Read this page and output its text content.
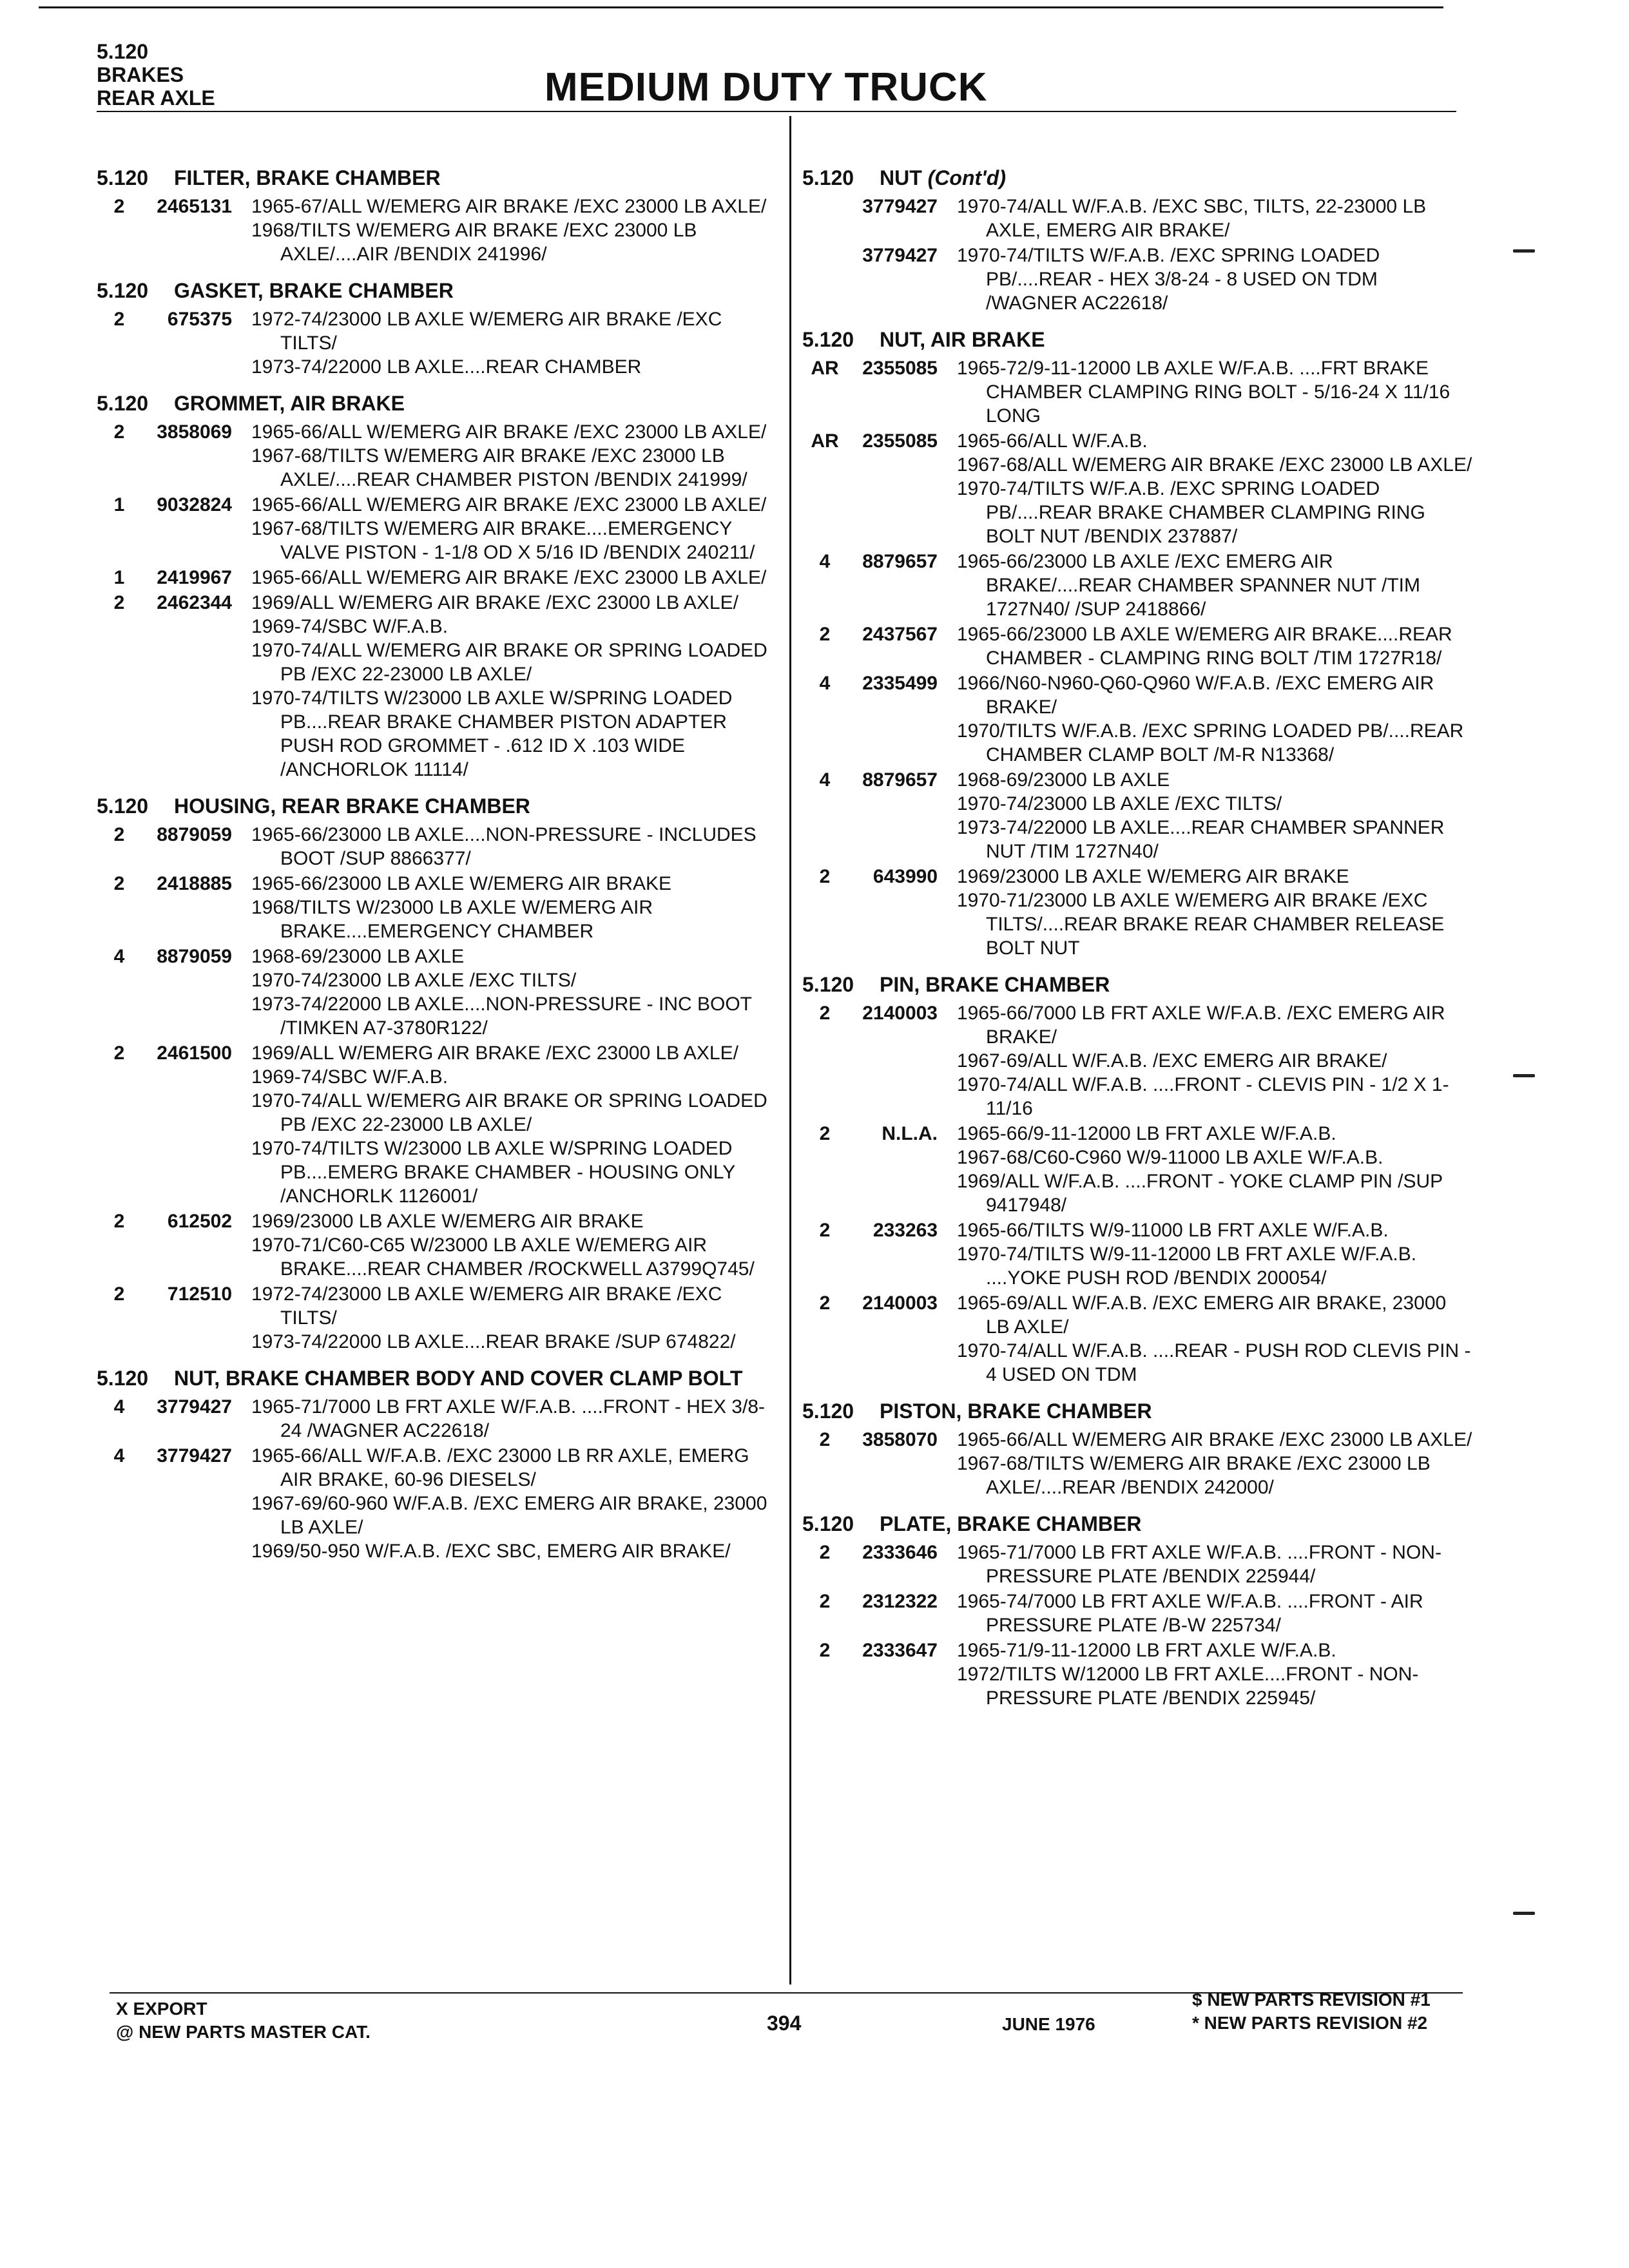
5.120
BRAKES
REAR AXLE	MEDIUM DUTY TRUCK
5.120	FILTER, BRAKE CHAMBER
2	2465131 1965-67/ALL W/EMERG AIR BRAKE /EXC 23000 LB AXLE/
1968/TILTS W/EMERG AIR BRAKE /EXC 23000 LB AXLE/....AIR /BENDIX 241996/
5.120	GASKET, BRAKE CHAMBER
2	675375 1972-74/23000 LB AXLE W/EMERG AIR BRAKE /EXC TILTS/
1973-74/22000 LB AXLE....REAR CHAMBER
5.120	GROMMET, AIR BRAKE
2	3858069 1965-66/ALL W/EMERG AIR BRAKE /EXC 23000 LB AXLE/
1967-68/TILTS W/EMERG AIR BRAKE /EXC 23000 LB AXLE/....REAR CHAMBER PISTON /BENDIX 241999/
1	9032824 1965-66/ALL W/EMERG AIR BRAKE /EXC 23000 LB AXLE/
1967-68/TILTS W/EMERG AIR BRAKE....EMERGENCY VALVE PISTON - 1-1/8 OD X 5/16 ID /BENDIX 240211/
1	2419967 1965-66/ALL W/EMERG AIR BRAKE /EXC 23000 LB AXLE/
2	2462344 1969/ALL W/EMERG AIR BRAKE /EXC 23000 LB AXLE/
1969-74/SBC W/F.A.B.
1970-74/ALL W/EMERG AIR BRAKE OR SPRING LOADED PB /EXC 22-23000 LB AXLE/
1970-74/TILTS W/23000 LB AXLE W/SPRING LOADED PB....REAR BRAKE CHAMBER PISTON ADAPTER PUSH ROD GROMMET - .612 ID X .103 WIDE /ANCHORLOK 11114/
5.120	HOUSING, REAR BRAKE CHAMBER
2	8879059 1965-66/23000 LB AXLE....NON-PRESSURE - INCLUDES BOOT /SUP 8866377/
2	2418885 1965-66/23000 LB AXLE W/EMERG AIR BRAKE
1968/TILTS W/23000 LB AXLE W/EMERG AIR BRAKE....EMERGENCY CHAMBER
4	8879059 1968-69/23000 LB AXLE
1970-74/23000 LB AXLE /EXC TILTS/
1973-74/22000 LB AXLE....NON-PRESSURE - INC BOOT /TIMKEN A7-3780R122/
2	2461500 1969/ALL W/EMERG AIR BRAKE /EXC 23000 LB AXLE/
1969-74/SBC W/F.A.B.
1970-74/ALL W/EMERG AIR BRAKE OR SPRING LOADED PB /EXC 22-23000 LB AXLE/
1970-74/TILTS W/23000 LB AXLE W/SPRING LOADED PB....EMERG BRAKE CHAMBER - HOUSING ONLY /ANCHORLK 1126001/
2	612502 1969/23000 LB AXLE W/EMERG AIR BRAKE
1970-71/C60-C65 W/23000 LB AXLE W/EMERG AIR BRAKE....REAR CHAMBER /ROCKWELL A3799Q745/
2	712510 1972-74/23000 LB AXLE W/EMERG AIR BRAKE /EXC TILTS/
1973-74/22000 LB AXLE....REAR BRAKE /SUP 674822/
5.120	NUT, BRAKE CHAMBER BODY AND COVER CLAMP BOLT
4	3779427 1965-71/7000 LB FRT AXLE W/F.A.B. ....FRONT - HEX 3/8-24 /WAGNER AC22618/
4	3779427 1965-66/ALL W/F.A.B. /EXC 23000 LB RR AXLE, EMERG AIR BRAKE, 60-96 DIESELS/
1967-69/60-960 W/F.A.B. /EXC EMERG AIR BRAKE, 23000 LB AXLE/
1969/50-950 W/F.A.B. /EXC SBC, EMERG AIR BRAKE/
5.120	NUT (Cont'd)
3779427 1970-74/ALL W/F.A.B. /EXC SBC, TILTS, 22-23000 LB AXLE, EMERG AIR BRAKE/
3779427 1970-74/TILTS W/F.A.B. /EXC SPRING LOADED PB/....REAR - HEX 3/8-24 - 8 USED ON TDM /WAGNER AC22618/
5.120	NUT, AIR BRAKE
AR	2355085 1965-72/9-11-12000 LB AXLE W/F.A.B. ....FRT BRAKE CHAMBER CLAMPING RING BOLT - 5/16-24 X 11/16 LONG
AR	2355085 1965-66/ALL W/F.A.B.
1967-68/ALL W/EMERG AIR BRAKE /EXC 23000 LB AXLE/
1970-74/TILTS W/F.A.B. /EXC SPRING LOADED PB/....REAR BRAKE CHAMBER CLAMPING RING BOLT NUT /BENDIX 237887/
4	8879657 1965-66/23000 LB AXLE /EXC EMERG AIR BRAKE/....REAR CHAMBER SPANNER NUT /TIM 1727N40/ /SUP 2418866/
2	2437567 1965-66/23000 LB AXLE W/EMERG AIR BRAKE....REAR CHAMBER - CLAMPING RING BOLT /TIM 1727R18/
4	2335499 1966/N60-N960-Q60-Q960 W/F.A.B. /EXC EMERG AIR BRAKE/
1970/TILTS W/F.A.B. /EXC SPRING LOADED PB/....REAR CHAMBER CLAMP BOLT /M-R N13368/
4	8879657 1968-69/23000 LB AXLE
1970-74/23000 LB AXLE /EXC TILTS/
1973-74/22000 LB AXLE....REAR CHAMBER SPANNER NUT /TIM 1727N40/
2	643990 1969/23000 LB AXLE W/EMERG AIR BRAKE
1970-71/23000 LB AXLE W/EMERG AIR BRAKE /EXC TILTS/....REAR BRAKE REAR CHAMBER RELEASE BOLT NUT
5.120	PIN, BRAKE CHAMBER
2	2140003 1965-66/7000 LB FRT AXLE W/F.A.B. /EXC EMERG AIR BRAKE/
1967-69/ALL W/F.A.B. /EXC EMERG AIR BRAKE/
1970-74/ALL W/F.A.B. ....FRONT - CLEVIS PIN - 1/2 X 1-11/16
2	N.L.A. 1965-66/9-11-12000 LB FRT AXLE W/F.A.B.
1967-68/C60-C960 W/9-11000 LB AXLE W/F.A.B.
1969/ALL W/F.A.B. ....FRONT - YOKE CLAMP PIN /SUP 9417948/
2	233263 1965-66/TILTS W/9-11000 LB FRT AXLE W/F.A.B.
1970-74/TILTS W/9-11-12000 LB FRT AXLE W/F.A.B. ....YOKE PUSH ROD /BENDIX 200054/
2	2140003 1965-69/ALL W/F.A.B. /EXC EMERG AIR BRAKE, 23000 LB AXLE/
1970-74/ALL W/F.A.B. ....REAR - PUSH ROD CLEVIS PIN - 4 USED ON TDM
5.120	PISTON, BRAKE CHAMBER
2	3858070 1965-66/ALL W/EMERG AIR BRAKE /EXC 23000 LB AXLE/
1967-68/TILTS W/EMERG AIR BRAKE /EXC 23000 LB AXLE/....REAR /BENDIX 242000/
5.120	PLATE, BRAKE CHAMBER
2	2333646 1965-71/7000 LB FRT AXLE W/F.A.B. ....FRONT - NON-PRESSURE PLATE /BENDIX 225944/
2	2312322 1965-74/7000 LB FRT AXLE W/F.A.B. ....FRONT - AIR PRESSURE PLATE /B-W 225734/
2	2333647 1965-71/9-11-12000 LB FRT AXLE W/F.A.B.
1972/TILTS W/12000 LB FRT AXLE....FRONT - NON-PRESSURE PLATE /BENDIX 225945/
X EXPORT
@ NEW PARTS MASTER CAT.	394	JUNE 1976
$ NEW PARTS REVISION #1
* NEW PARTS REVISION #2
